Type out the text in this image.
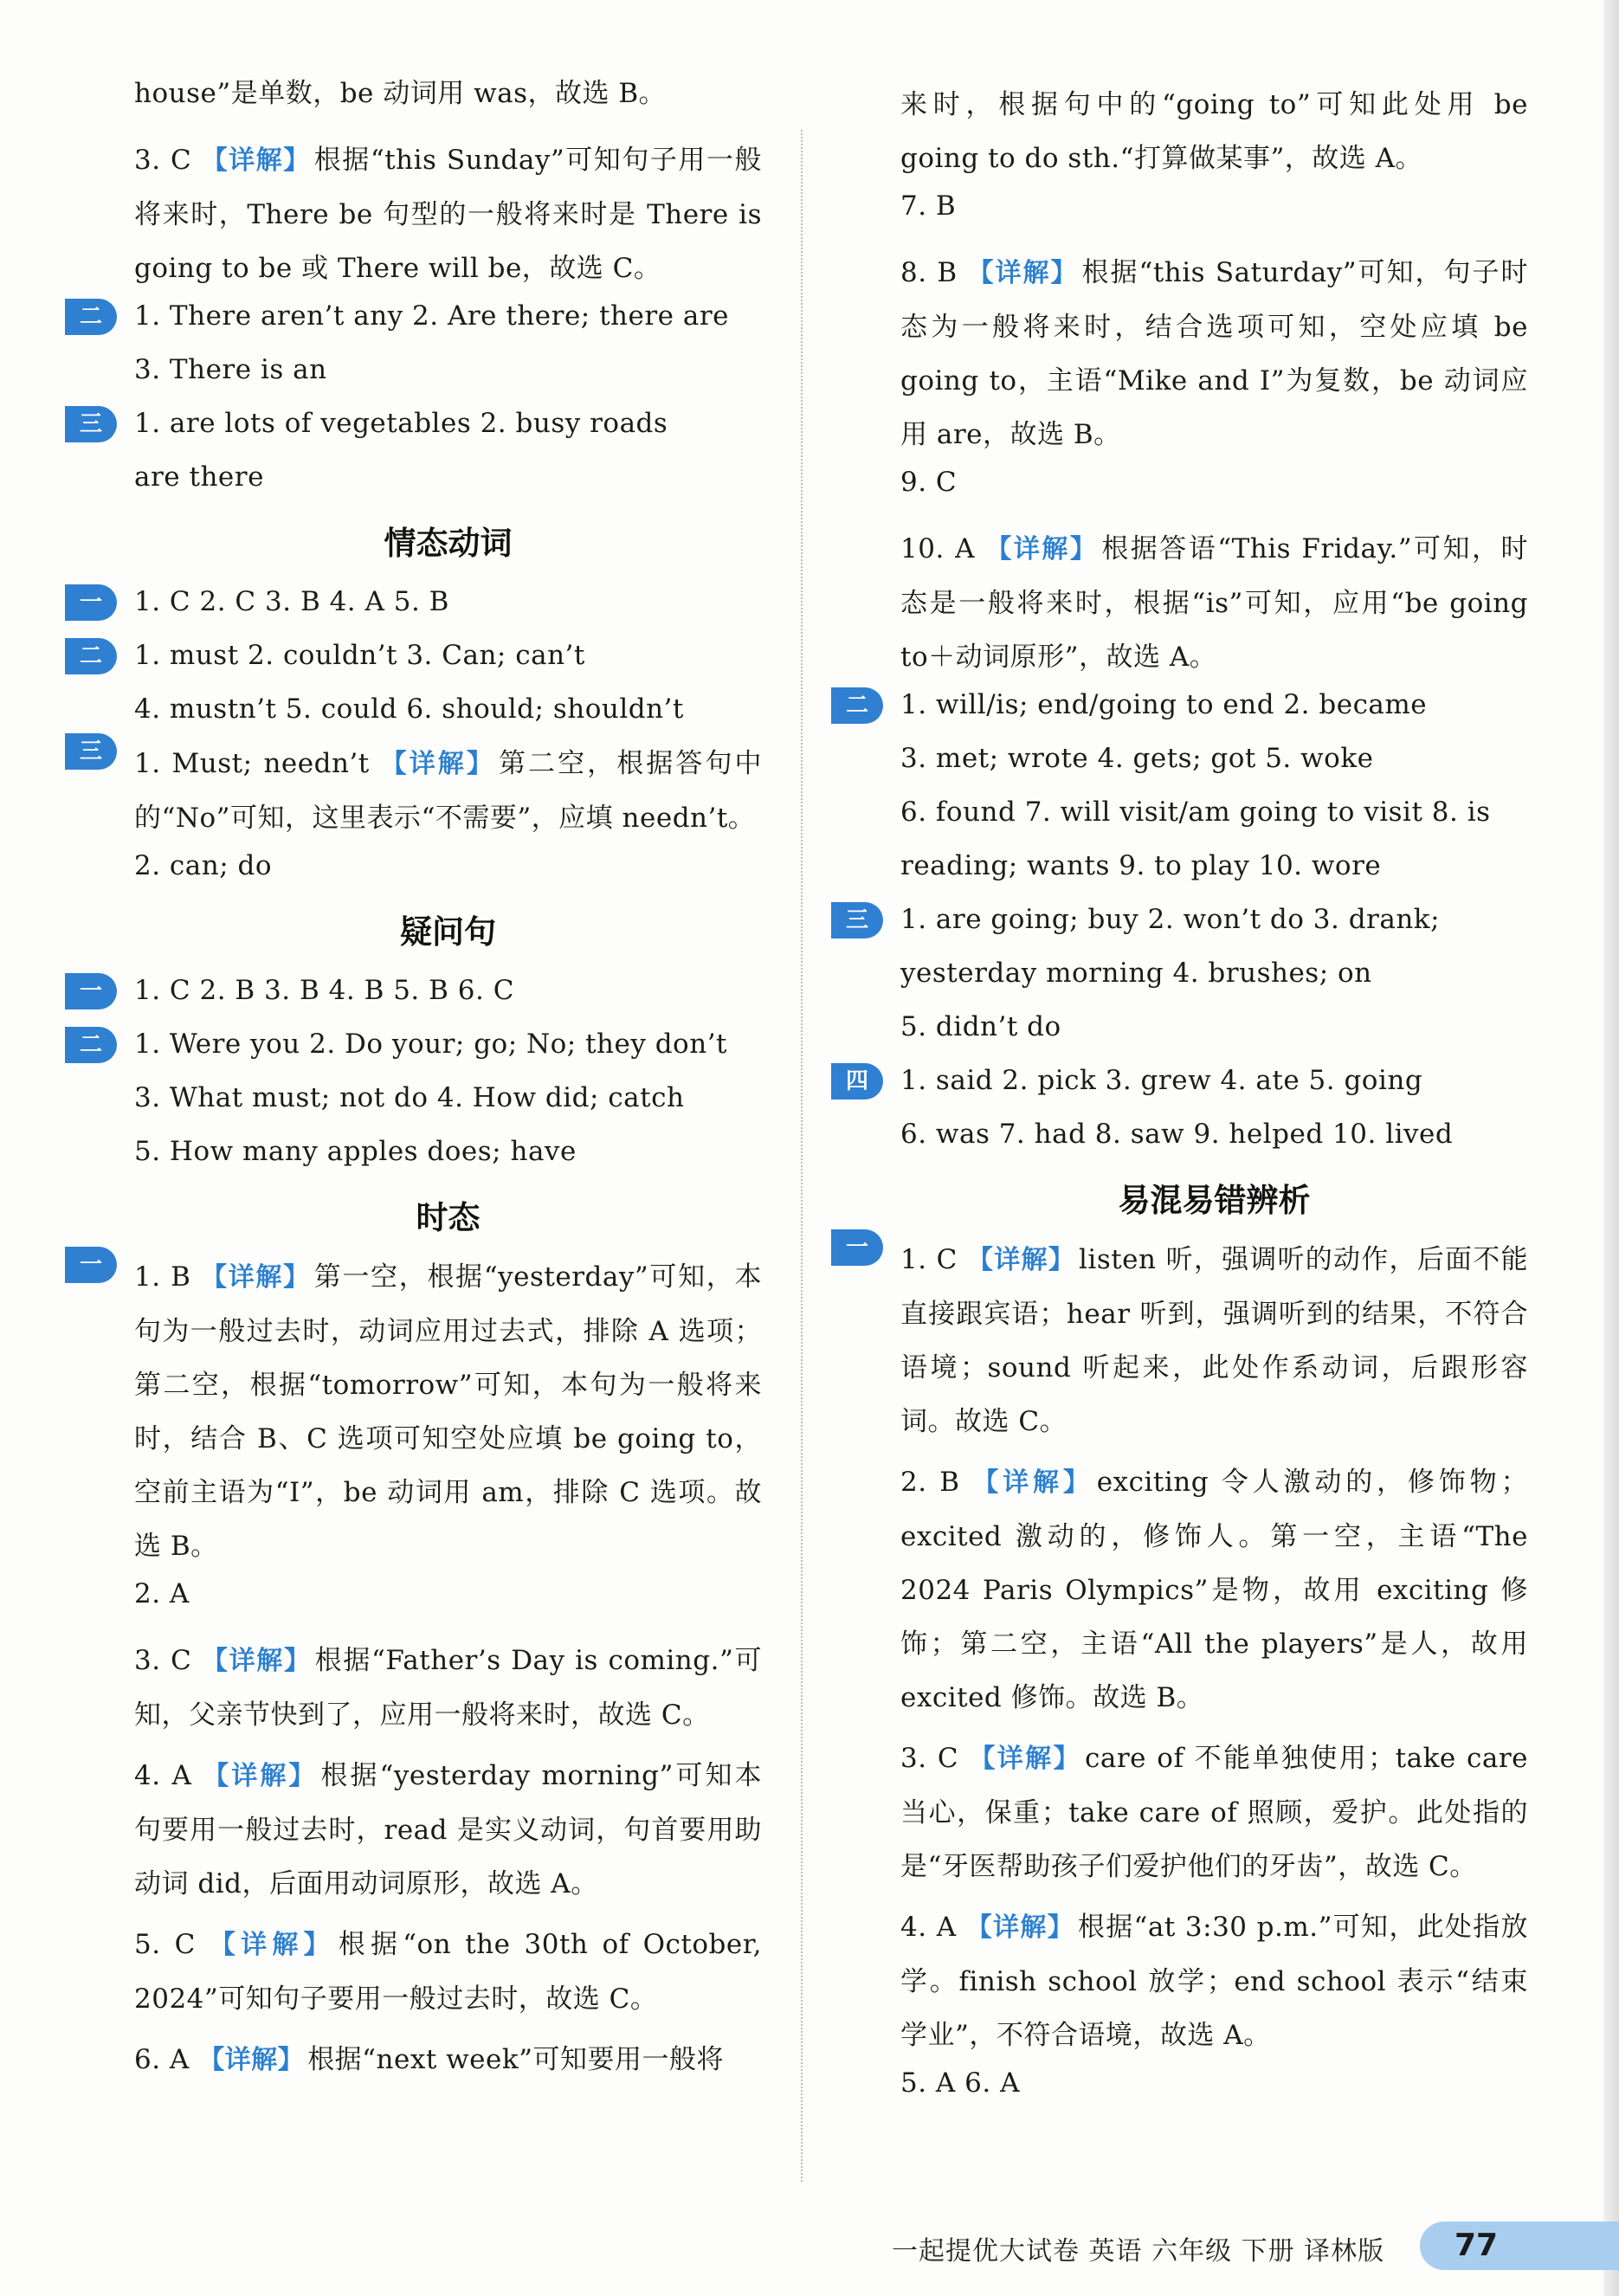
house”是单数，be 动词用 was，故选 B。
3. C 【详解】 根据“this Sunday”可知句子用一般将来时，There be 句型的一般将来时是 There is going to be 或 There will be，故选 C。
二	1. There aren’t any 2. Are there; there are
3. There is an
三	1. are lots of vegetables 2. busy roads
are there
情态动词
一	1. C 2. C 3. B 4. A 5. B
二	1. must 2. couldn’t 3. Can; can’t
4. mustn’t 5. could 6. should; shouldn’t
三	1. Must; needn’t 【详解】 第二空，根据答句中的“No”可知，这里表示“不需要”，应填 needn’t。
2. can; do
疑问句
一	1. C 2. B 3. B 4. B 5. B 6. C
二	1. Were you 2. Do your; go; No; they don’t
3. What must; not do 4. How did; catch
5. How many apples does; have
时态
一	1. B 【详解】 第一空，根据“yesterday”可知，本句为一般过去时，动词应用过去式，排除 A 选项；第二空，根据“tomorrow”可知，本句为一般将来时，结合 B、C 选项可知空处应填 be going to，空前主语为“I”，be 动词用 am，排除 C 选项。故选 B。
2. A
3. C 【详解】 根据“Father’s Day is coming.”可知，父亲节快到了，应用一般将来时，故选 C。
4. A 【详解】 根据“yesterday morning”可知本句要用一般过去时，read 是实义动词，句首要用助动词 did，后面用动词原形，故选 A。
5. C 【详解】 根据“on the 30th of October, 2024”可知句子要用一般过去时，故选 C。
6. A 【详解】 根据“next week”可知要用一般将
来时，根据句中的“going to”可知此处用 be going to do sth.“打算做某事”，故选 A。
7. B
8. B 【详解】 根据“this Saturday”可知，句子时态为一般将来时，结合选项可知，空处应填 be going to，主语“Mike and I”为复数，be 动词应用 are，故选 B。
9. C
10. A 【详解】 根据答语“This Friday.”可知，时态是一般将来时，根据“is”可知，应用“be going to＋动词原形”，故选 A。
二	1. will/is; end/going to end 2. became
3. met; wrote 4. gets; got 5. woke
6. found 7. will visit/am going to visit 8. is
reading; wants 9. to play 10. wore
三	1. are going; buy 2. won’t do 3. drank;
yesterday morning 4. brushes; on
5. didn’t do
四	1. said 2. pick 3. grew 4. ate 5. going
6. was 7. had 8. saw 9. helped 10. lived
易混易错辨析
一	1. C 【详解】 listen 听，强调听的动作，后面不能直接跟宾语；hear 听到，强调听到的结果，不符合语境；sound 听起来，此处作系动词，后跟形容词。故选 C。
2. B 【详解】 exciting 令人激动的，修饰物；excited 激动的，修饰人。第一空，主语“The 2024 Paris Olympics”是物，故用 exciting 修饰；第二空，主语“All the players”是人，故用 excited 修饰。故选 B。
3. C 【详解】 care of 不能单独使用；take care 当心，保重；take care of 照顾，爱护。此处指的是“牙医帮助孩子们爱护他们的牙齿”，故选 C。
4. A 【详解】 根据“at 3:30 p.m.”可知，此处指放学。finish school 放学；end school 表示“结束学业”，不符合语境，故选 A。
5. A 6. A
一起提优大试卷 英语 六年级 下册 译林版	77
